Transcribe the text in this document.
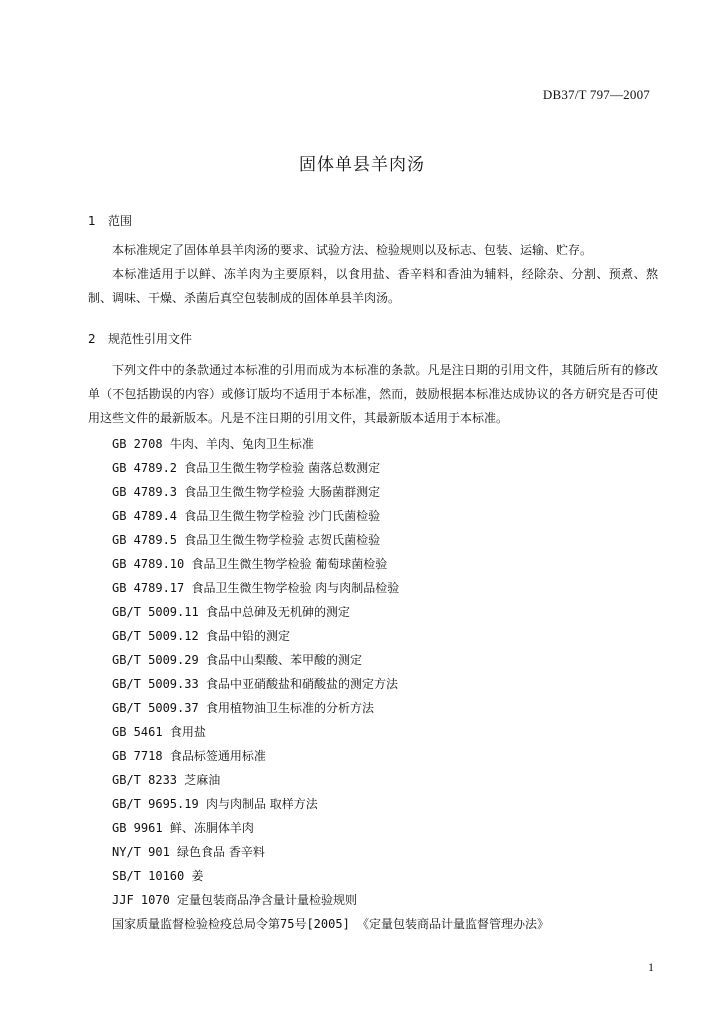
DB37/T 797—2007
固体单县羊肉汤
1 范围
本标准规定了固体单县羊肉汤的要求、试验方法、检验规则以及标志、包装、运输、贮存。
本标准适用于以鲜、冻羊肉为主要原料，以食用盐、香辛料和香油为辅料，经除杂、分割、预煮、熬制、调味、干燥、杀菌后真空包装制成的固体单县羊肉汤。
2 规范性引用文件
下列文件中的条款通过本标准的引用而成为本标准的条款。凡是注日期的引用文件，其随后所有的修改单（不包括勘误的内容）或修订版均不适用于本标准，然而，鼓励根据本标准达成协议的各方研究是否可使用这些文件的最新版本。凡是不注日期的引用文件，其最新版本适用于本标准。
GB 2708 牛肉、羊肉、兔肉卫生标准
GB 4789.2 食品卫生微生物学检验 菌落总数测定
GB 4789.3 食品卫生微生物学检验 大肠菌群测定
GB 4789.4 食品卫生微生物学检验 沙门氏菌检验
GB 4789.5 食品卫生微生物学检验 志贺氏菌检验
GB 4789.10 食品卫生微生物学检验 葡萄球菌检验
GB 4789.17 食品卫生微生物学检验 肉与肉制品检验
GB/T 5009.11 食品中总砷及无机砷的测定
GB/T 5009.12 食品中铅的测定
GB/T 5009.29 食品中山梨酸、苯甲酸的测定
GB/T 5009.33 食品中亚硝酸盐和硝酸盐的测定方法
GB/T 5009.37 食用植物油卫生标准的分析方法
GB 5461 食用盐
GB 7718 食品标签通用标准
GB/T 8233 芝麻油
GB/T 9695.19 肉与肉制品 取样方法
GB 9961 鲜、冻胴体羊肉
NY/T 901 绿色食品 香辛料
SB/T 10160 姜
JJF 1070 定量包装商品净含量计量检验规则
国家质量监督检验检疫总局令第75号[2005] 《定量包装商品计量监督管理办法》
1
